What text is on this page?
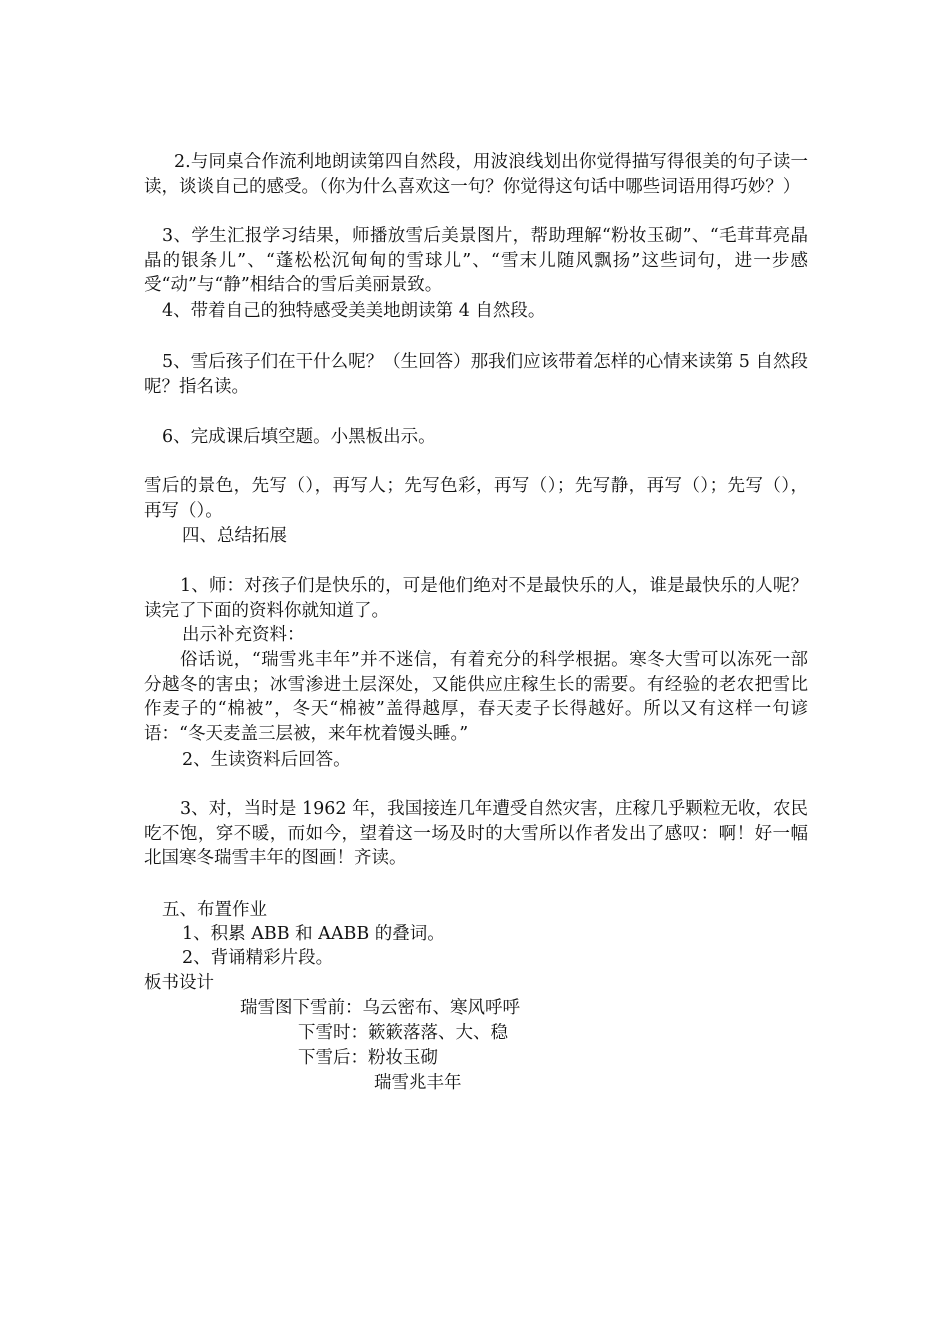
2.与同桌合作流利地朗读第四自然段，用波浪线划出你觉得描写得很美的句子读一读，谈谈自己的感受。（你为什么喜欢这一句？你觉得这句话中哪些词语用得巧妙？）
3、学生汇报学习结果，师播放雪后美景图片，帮助理解“粉妆玉砌”、“毛茸茸亮晶晶的银条儿”、“蓬松松沉甸甸的雪球儿”、“雪末儿随风飘扬”这些词句，进一步感受“动”与“静”相结合的雪后美丽景致。
4、带着自己的独特感受美美地朗读第 4 自然段。
5、雪后孩子们在干什么呢？（生回答）那我们应该带着怎样的心情来读第 5 自然段呢？指名读。
6、完成课后填空题。小黑板出示。
雪后的景色，先写（），再写人；先写色彩，再写（）；先写静，再写（）；先写（），再写（）。
四、总结拓展
1、师：对孩子们是快乐的，可是他们绝对不是最快乐的人，谁是最快乐的人呢？读完了下面的资料你就知道了。
出示补充资料：
俗话说，“瑞雪兆丰年”并不迷信，有着充分的科学根据。寒冬大雪可以冻死一部分越冬的害虫；冰雪渗进土层深处，又能供应庄稼生长的需要。有经验的老农把雪比作麦子的“棉被”，冬天“棉被”盖得越厚，春天麦子长得越好。所以又有这样一句谚语：“冬天麦盖三层被，来年枕着馒头睡。”
2、生读资料后回答。
3、对，当时是 1962 年，我国接连几年遭受自然灾害，庄稼几乎颗粒无收，农民吃不饱，穿不暖，而如今，望着这一场及时的大雪所以作者发出了感叹：啊！好一幅北国寒冬瑞雪丰年的图画！齐读。
五、布置作业
1、积累 ABB 和 AABB 的叠词。
2、背诵精彩片段。
板书设计
瑞雪图下雪前：乌云密布、寒风呼呼
下雪时：簌簌落落、大、稳
下雪后：粉妆玉砌
瑞雪兆丰年
